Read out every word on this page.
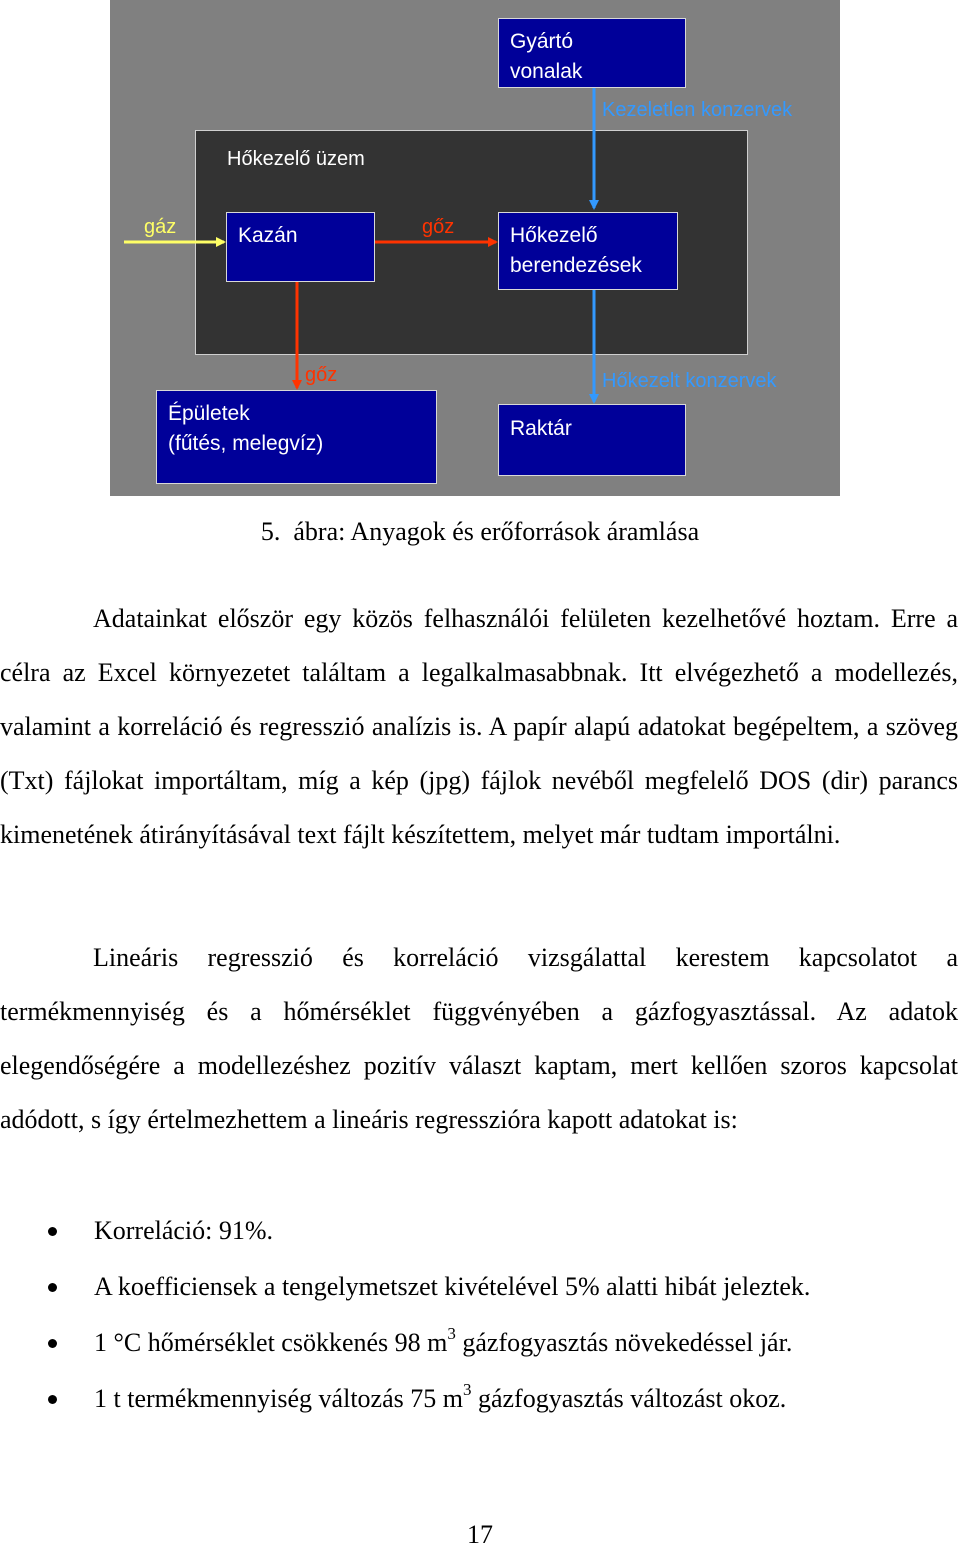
Gyártó
vonalak
Kazán	Hőkezelő
berendezések
Épületek
(fűtés, melegvíz)
Raktár
Hőkezelő üzem
Kezeletlen konzervek
gáz	gőz
gőz	Hőkezelt konzervek
5.  ábra: Anyagok és erőforrások áramlása

Adatainkat először egy közös felhasználói felületen kezelhetővé hoztam. Erre a célra az Excel környezetet találtam a legalkalmasabbnak. Itt elvégezhető a modellezés, valamint a korreláció és regresszió analízis is. A papír alapú adatokat begépeltem, a szöveg (Txt) fájlokat importáltam, míg a kép (jpg) fájlok nevéből megfelelő DOS (dir) parancs kimenetének átirányításával text fájlt készítettem, melyet már tudtam importálni.

Lineáris regresszió és korreláció vizsgálattal kerestem kapcsolatot a termékmennyiség és a hőmérséklet függvényében a gázfogyasztással. Az adatok elegendőségére a modellezéshez pozitív választ kaptam, mert kellően szoros kapcsolat adódott, s így értelmezhettem a lineáris regresszióra kapott adatokat is:

Korreláció: 91%.
A koefficiensek a tengelymetszet kivételével 5% alatti hibát jeleztek.
1 °C hőmérséklet csökkenés 98 $m^3$ gázfogyasztás növekedéssel jár.
1 t termékmennyiség változás 75 $m^3$ gázfogyasztás változást okoz.
17
